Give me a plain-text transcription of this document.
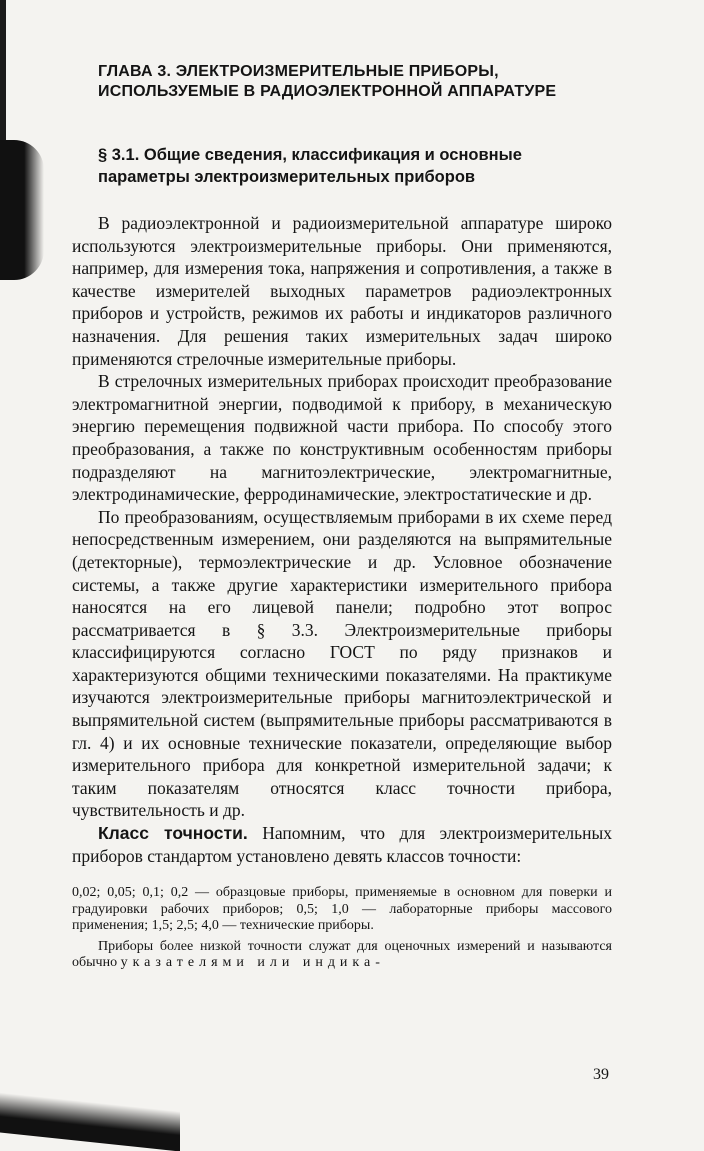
ГЛАВА 3. ЭЛЕКТРОИЗМЕРИТЕЛЬНЫЕ ПРИБОРЫ, ИСПОЛЬЗУЕМЫЕ В РАДИОЭЛЕКТРОННОЙ АППАРАТУРЕ
§ 3.1. Общие сведения, классификация и основные параметры электроизмерительных приборов

В радиоэлектронной и радиоизмерительной аппаратуре широко используются электроизмерительные приборы. Они применяются, например, для измерения тока, напряжения и сопротивления, а также в качестве измерителей выходных параметров радиоэлектронных приборов и устройств, режимов их работы и индикаторов различного назначения. Для решения таких измерительных задач широко применяются стрелочные измерительные приборы.

В стрелочных измерительных приборах происходит преобразование электромагнитной энергии, подводимой к прибору, в механическую энергию перемещения подвижной части прибора. По способу этого преобразования, а также по конструктивным особенностям приборы подразделяют на магнитоэлектрические, электромагнитные, электродинамические, ферродинамические, электростатические и др.

По преобразованиям, осуществляемым приборами в их схеме перед непосредственным измерением, они разделяются на выпрямительные (детекторные), термоэлектрические и др. Условное обозначение системы, а также другие характеристики измерительного прибора наносятся на его лицевой панели; подробно этот вопрос рассматривается в § 3.3. Электроизмерительные приборы классифицируются согласно ГОСТ по ряду признаков и характеризуются общими техническими показателями. На практикуме изучаются электроизмерительные приборы магнитоэлектрической и выпрямительной систем (выпрямительные приборы рассматриваются в гл. 4) и их основные технические показатели, определяющие выбор измерительного прибора для конкретной измерительной задачи; к таким показателям относятся класс точности прибора, чувствительность и др.

Класс точности. Напомним, что для электроизмерительных приборов стандартом установлено девять классов точности:

0,02; 0,05; 0,1; 0,2 — образцовые приборы, применяемые в основном для поверки и градуировки рабочих приборов; 0,5; 1,0 — лабораторные приборы массового применения; 1,5; 2,5; 4,0 — технические приборы.

Приборы более низкой точности служат для оценочных измерений и называются обычно указателями или индика-

39
